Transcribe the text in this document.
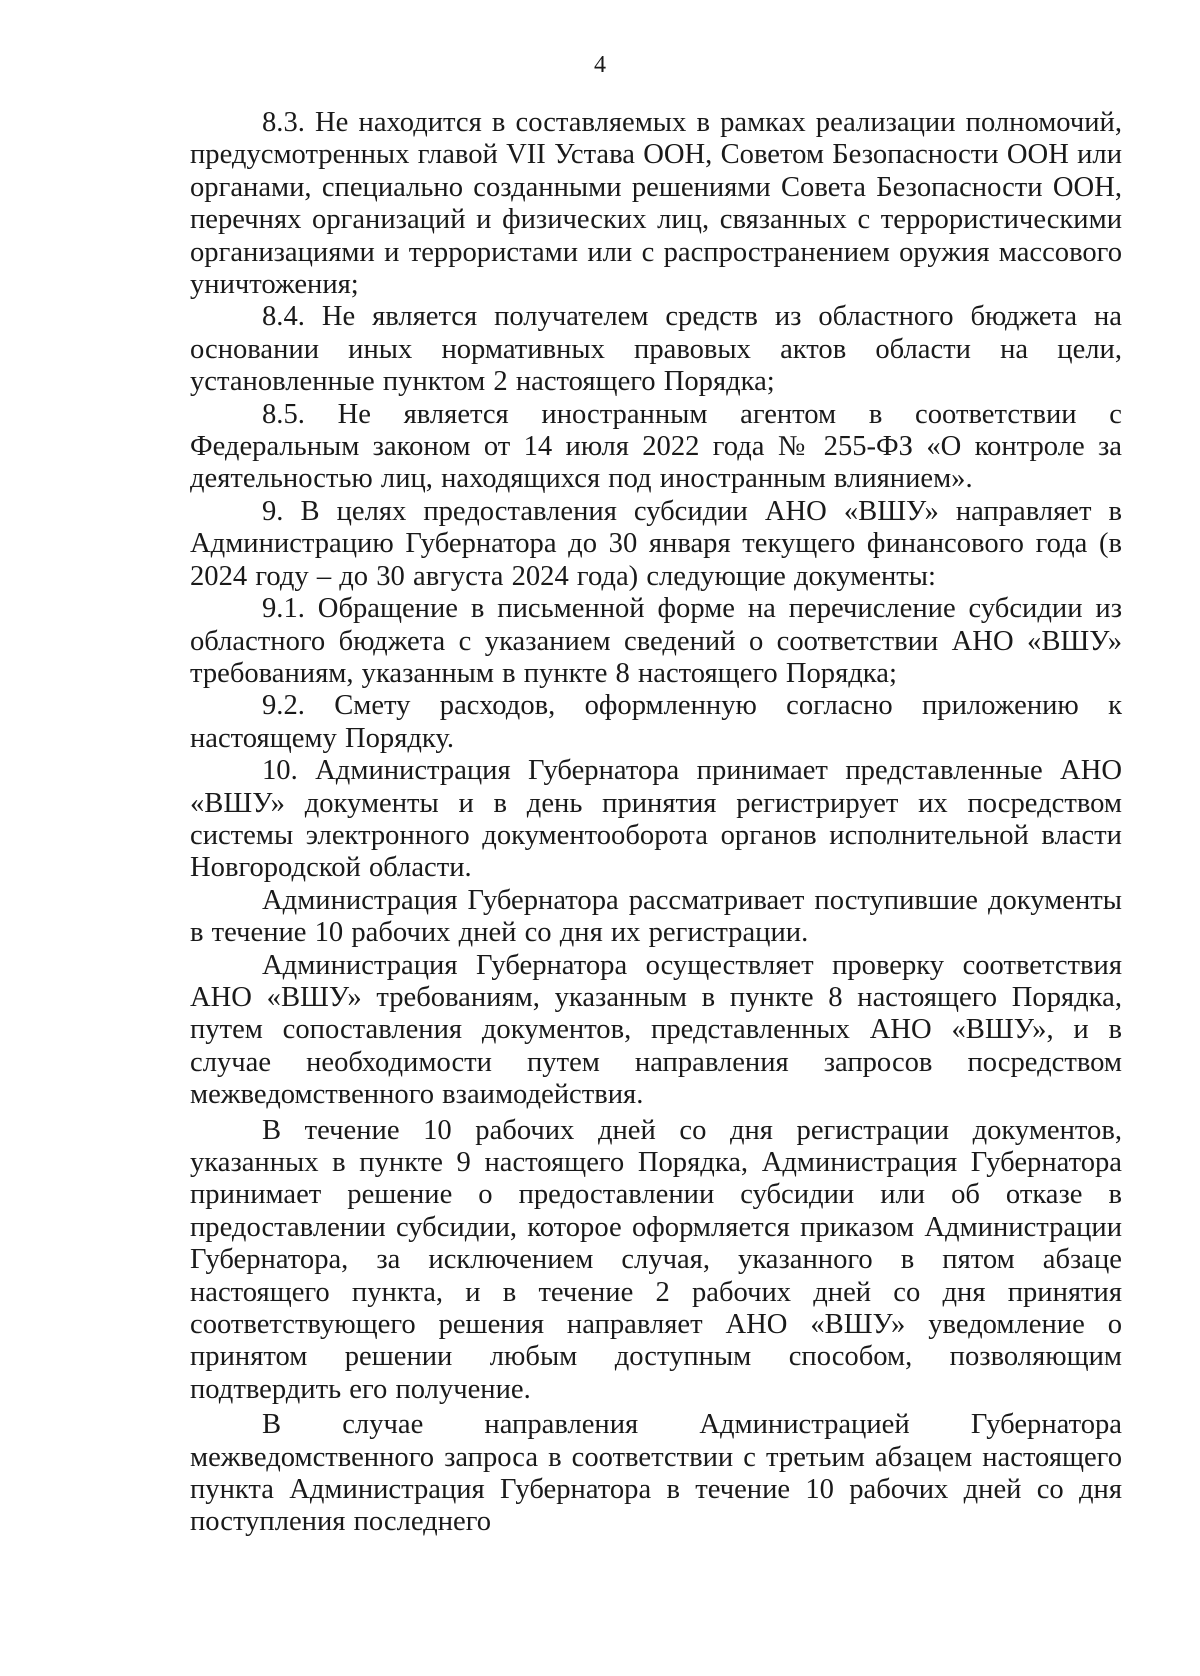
4

8.3. Не находится в составляемых в рамках реализации полномочий, предусмотренных главой VII Устава ООН, Советом Безопасности ООН или органами, специально созданными решениями Совета Безопасности ООН, перечнях организаций и физических лиц, связанных с террористическими организациями и террористами или с распространением оружия массового уничтожения;

8.4. Не является получателем средств из областного бюджета на основании иных нормативных правовых актов области на цели, установленные пунктом 2 настоящего Порядка;

8.5. Не является иностранным агентом в соответствии с Федеральным законом от 14 июля 2022 года № 255-ФЗ «О контроле за деятельностью лиц, находящихся под иностранным влиянием».

9. В целях предоставления субсидии АНО «ВШУ» направляет в Администрацию Губернатора до 30 января текущего финансового года (в 2024 году – до 30 августа 2024 года) следующие документы:

9.1. Обращение в письменной форме на перечисление субсидии из областного бюджета с указанием сведений о соответствии АНО «ВШУ» требованиям, указанным в пункте 8 настоящего Порядка;

9.2. Смету расходов, оформленную согласно приложению к настоящему Порядку.

10. Администрация Губернатора принимает представленные АНО «ВШУ» документы и в день принятия регистрирует их посредством системы электронного документооборота органов исполнительной власти Новгородской области.

Администрация Губернатора рассматривает поступившие документы в течение 10 рабочих дней со дня их регистрации.

Администрация Губернатора осуществляет проверку соответствия АНО «ВШУ» требованиям, указанным в пункте 8 настоящего Порядка, путем сопоставления документов, представленных АНО «ВШУ», и в случае необходимости путем направления запросов посредством межведомственного взаимодействия.

В течение 10 рабочих дней со дня регистрации документов, указанных в пункте 9 настоящего Порядка, Администрация Губернатора принимает решение о предоставлении субсидии или об отказе в предоставлении субсидии, которое оформляется приказом Администрации Губернатора, за исключением случая, указанного в пятом абзаце настоящего пункта, и в течение 2 рабочих дней со дня принятия соответствующего решения направляет АНО «ВШУ» уведомление о принятом решении любым доступным способом, позволяющим подтвердить его получение.

В случае направления Администрацией Губернатора межведомственного запроса в соответствии с третьим абзацем настоящего пункта Администрация Губернатора в течение 10 рабочих дней со дня поступления последнего
